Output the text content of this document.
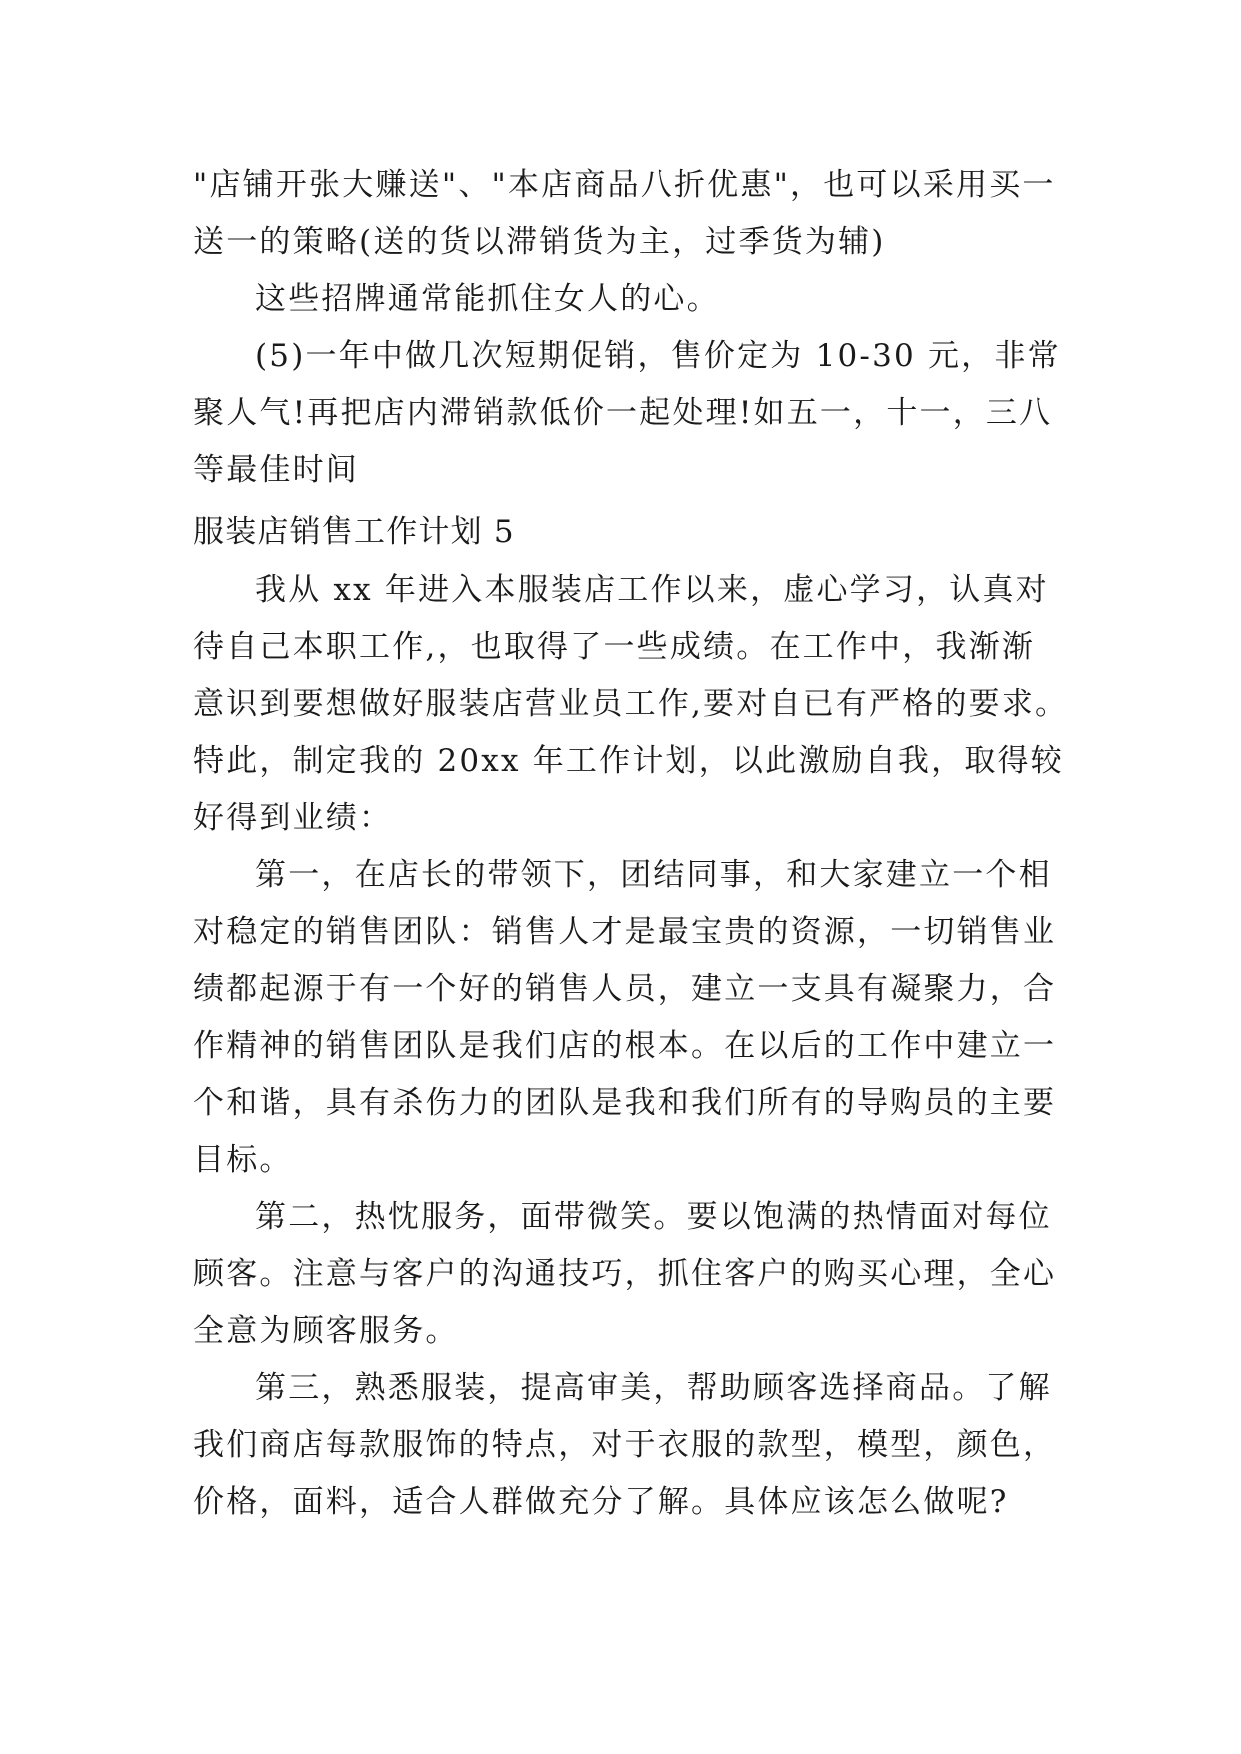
"店铺开张大赚送"、"本店商品八折优惠"，也可以采用买一
送一的策略(送的货以滞销货为主，过季货为辅)
这些招牌通常能抓住女人的心。
(5)一年中做几次短期促销，售价定为 10-30 元，非常
聚人气!再把店内滞销款低价一起处理!如五一，十一，三八
等最佳时间
服装店销售工作计划 5
我从 xx 年进入本服装店工作以来，虚心学习，认真对
待自己本职工作,，也取得了一些成绩。在工作中，我渐渐
意识到要想做好服装店营业员工作,要对自已有严格的要求。
特此，制定我的 20xx 年工作计划，以此激励自我，取得较
好得到业绩：
第一，在店长的带领下，团结同事，和大家建立一个相
对稳定的销售团队：销售人才是最宝贵的资源，一切销售业
绩都起源于有一个好的销售人员，建立一支具有凝聚力，合
作精神的销售团队是我们店的根本。在以后的工作中建立一
个和谐，具有杀伤力的团队是我和我们所有的导购员的主要
目标。
第二，热忱服务，面带微笑。要以饱满的热情面对每位
顾客。注意与客户的沟通技巧，抓住客户的购买心理，全心
全意为顾客服务。
第三，熟悉服装，提高审美，帮助顾客选择商品。了解
我们商店每款服饰的特点，对于衣服的款型，模型，颜色，
价格，面料，适合人群做充分了解。具体应该怎么做呢?
